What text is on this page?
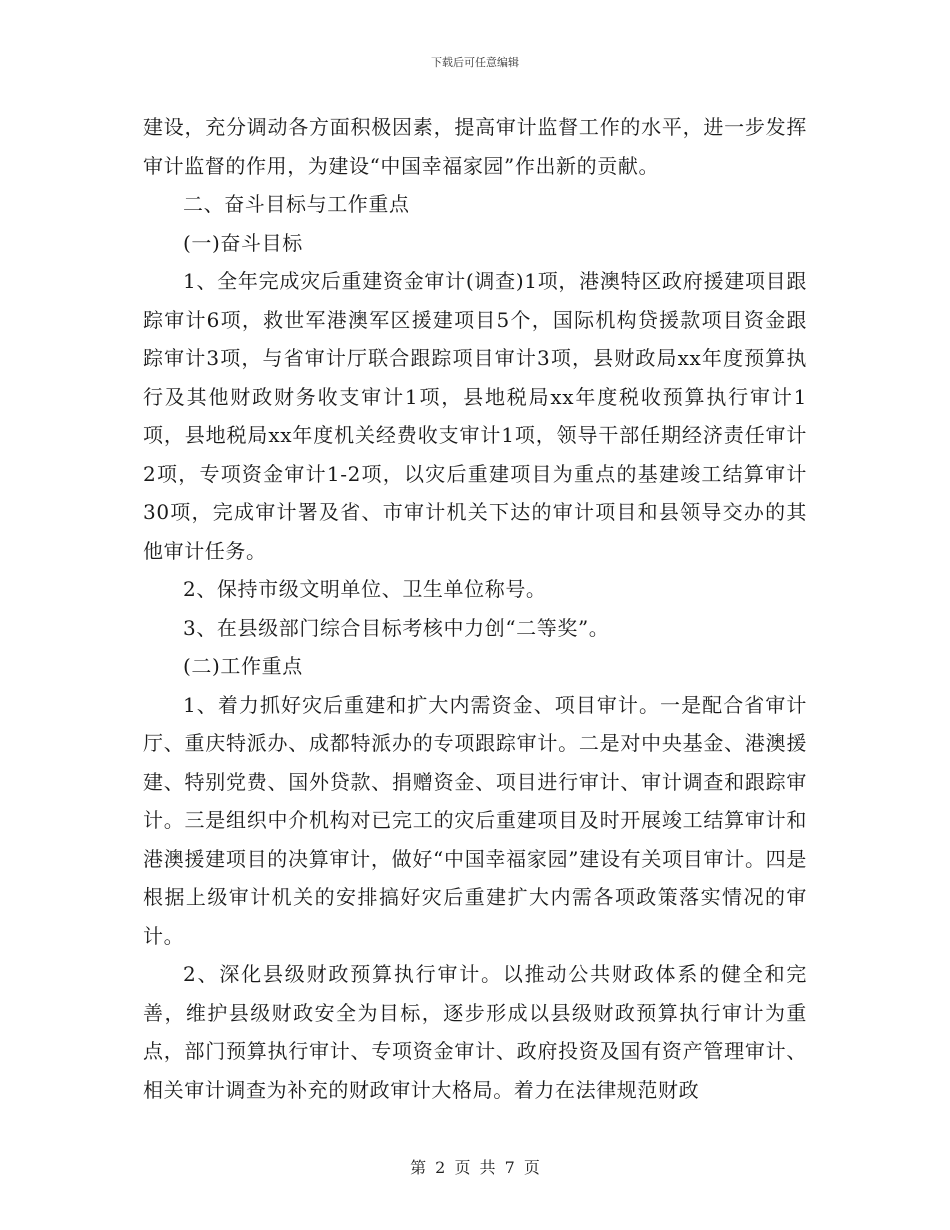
下载后可任意编辑

建设，充分调动各方面积极因素，提高审计监督工作的水平，进一步发挥审计监督的作用，为建设“中国幸福家园”作出新的贡献。

二、奋斗目标与工作重点

(一)奋斗目标

1、全年完成灾后重建资金审计(调查)1项，港澳特区政府援建项目跟踪审计6项，救世军港澳军区援建项目5个，国际机构贷援款项目资金跟踪审计3项，与省审计厅联合跟踪项目审计3项，县财政局xx年度预算执行及其他财政财务收支审计1项，县地税局xx年度税收预算执行审计1项，县地税局xx年度机关经费收支审计1项，领导干部任期经济责任审计2项，专项资金审计1-2项，以灾后重建项目为重点的基建竣工结算审计30项，完成审计署及省、市审计机关下达的审计项目和县领导交办的其他审计任务。

2、保持市级文明单位、卫生单位称号。

3、在县级部门综合目标考核中力创“二等奖”。

(二)工作重点

1、着力抓好灾后重建和扩大内需资金、项目审计。一是配合省审计厅、重庆特派办、成都特派办的专项跟踪审计。二是对中央基金、港澳援建、特别党费、国外贷款、捐赠资金、项目进行审计、审计调查和跟踪审计。三是组织中介机构对已完工的灾后重建项目及时开展竣工结算审计和港澳援建项目的决算审计，做好“中国幸福家园”建设有关项目审计。四是根据上级审计机关的安排搞好灾后重建扩大内需各项政策落实情况的审计。

2、深化县级财政预算执行审计。以推动公共财政体系的健全和完善，维护县级财政安全为目标，逐步形成以县级财政预算执行审计为重点，部门预算执行审计、专项资金审计、政府投资及国有资产管理审计、相关审计调查为补充的财政审计大格局。着力在法律规范财政

第 2 页 共 7 页
